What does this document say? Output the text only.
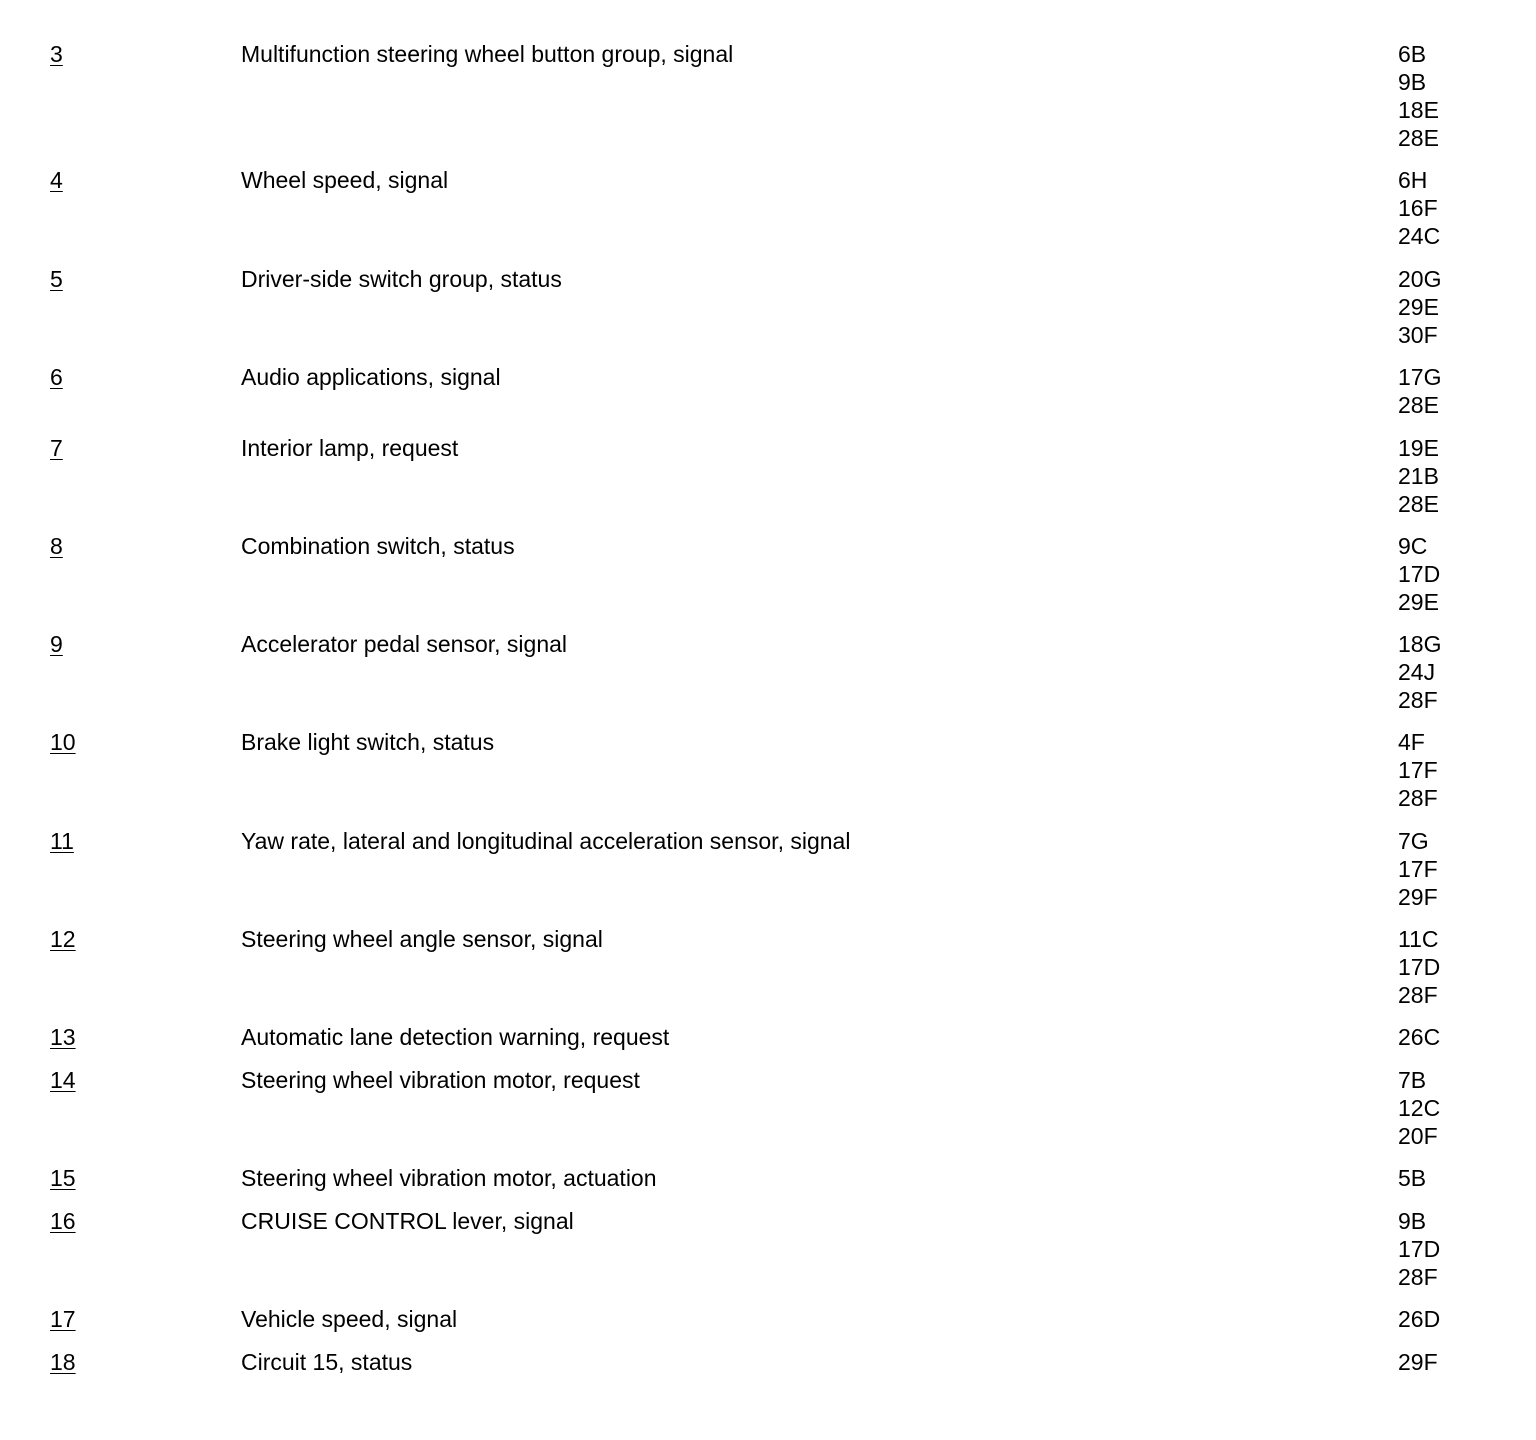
3	Multifunction steering wheel button group, signal	6B
9B
18E
28E
4	Wheel speed, signal	6H
16F
24C
5	Driver-side switch group, status	20G
29E
30F
6	Audio applications, signal	17G
28E
7	Interior lamp, request	19E
21B
28E
8	Combination switch, status	9C
17D
29E
9	Accelerator pedal sensor, signal	18G
24J
28F
10	Brake light switch, status	4F
17F
28F
11	Yaw rate, lateral and longitudinal acceleration sensor, signal	7G
17F
29F
12	Steering wheel angle sensor, signal	11C
17D
28F
13	Automatic lane detection warning, request	26C
14	Steering wheel vibration motor, request	7B
12C
20F
15	Steering wheel vibration motor, actuation	5B
16	CRUISE CONTROL lever, signal	9B
17D
28F
17	Vehicle speed, signal	26D
18	Circuit 15, status	29F
